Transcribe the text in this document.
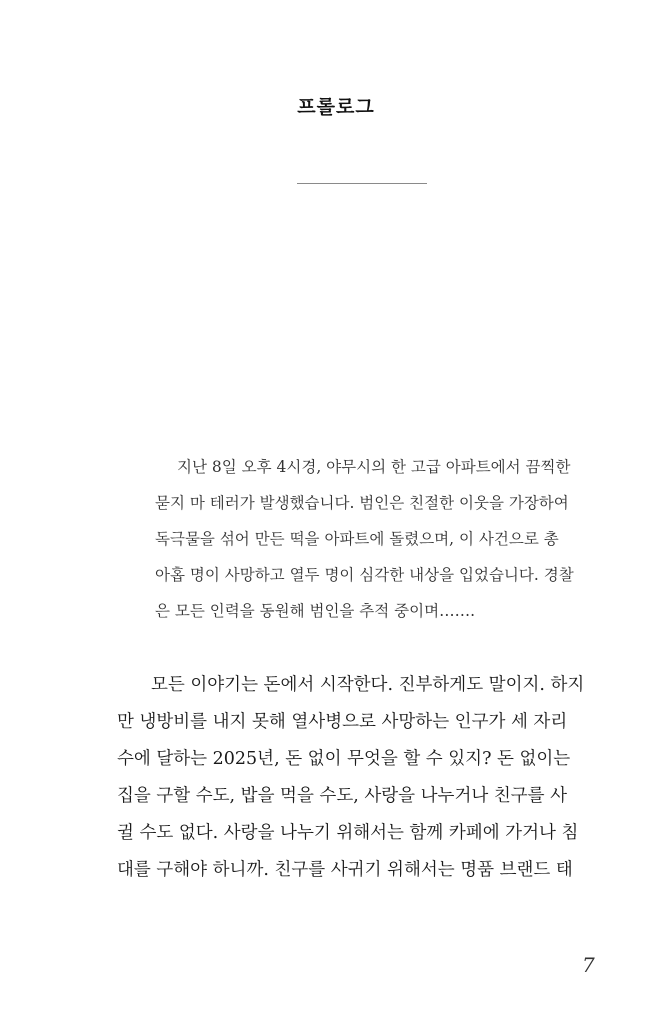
프롤로그
지난 8일 오후 4시경, 야무시의 한 고급 아파트에서 끔찍한
묻지 마 테러가 발생했습니다. 범인은 친절한 이웃을 가장하여
독극물을 섞어 만든 떡을 아파트에 돌렸으며, 이 사건으로 총
아홉 명이 사망하고 열두 명이 심각한 내상을 입었습니다. 경찰
은 모든 인력을 동원해 범인을 추적 중이며…….
모든 이야기는 돈에서 시작한다. 진부하게도 말이지. 하지
만 냉방비를 내지 못해 열사병으로 사망하는 인구가 세 자리
수에 달하는 2025년, 돈 없이 무엇을 할 수 있지? 돈 없이는
집을 구할 수도, 밥을 먹을 수도, 사랑을 나누거나 친구를 사
귈 수도 없다. 사랑을 나누기 위해서는 함께 카페에 가거나 침
대를 구해야 하니까. 친구를 사귀기 위해서는 명품 브랜드 태
7
